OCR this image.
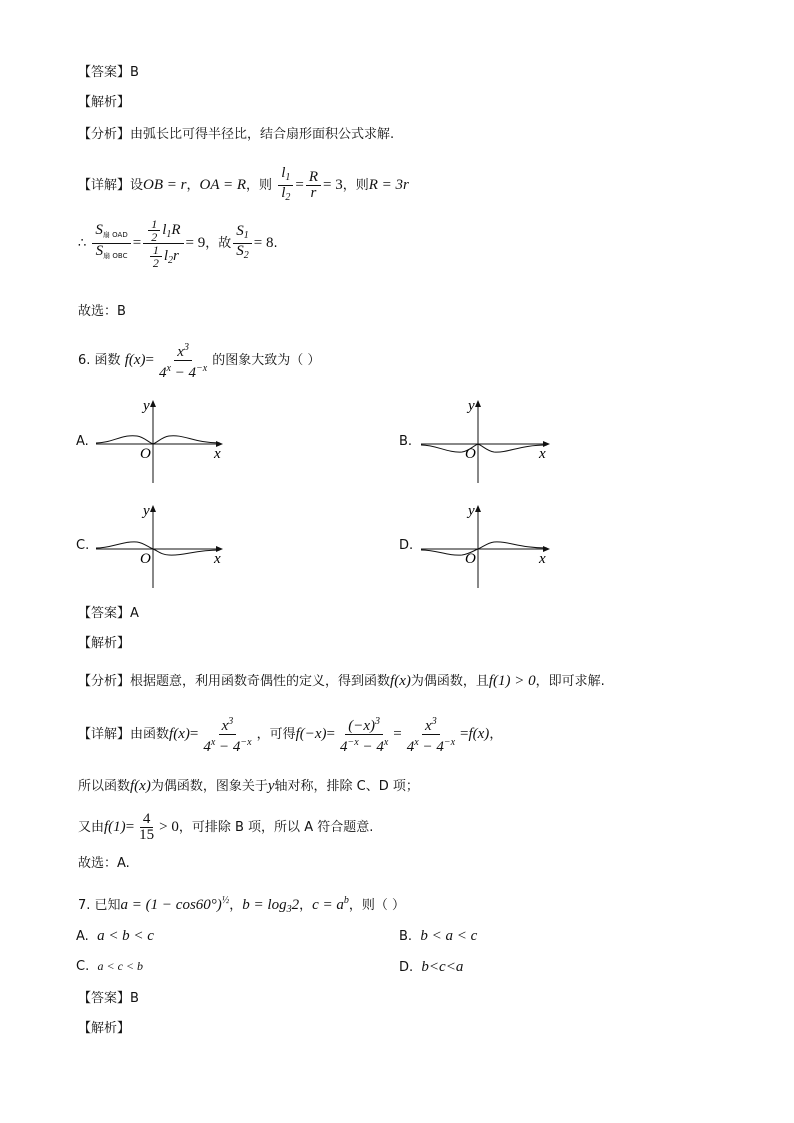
【答案】B
【解析】
【分析】由弧长比可得半径比，结合扇形面积公式求解.
【详解】设OB = r，OA = R，则 $\frac{l_1}{l_2} = \frac{R}{r} = 3$，则R = 3r
∴ $\frac{S_{扇 OAD}}{S_{扇 OBC}} = \frac{\frac{1}{2} l_1R}{\frac{1}{2} l_2r} = 9$，故 $\frac{S_1}{S_2} = 8$.
故选：B
6. 函数 $f(x)= \frac{x^3}{4^x - 4^{-x}}$ 的图象大致为（ ）
A.	B.
C.	D.
y
O	x
y
O	x
y
O	x
y
O	x
【答案】A
【解析】
【分析】根据题意，利用函数奇偶性的定义，得到函数f(x)为偶函数，且f(1) > 0，即可求解.
【详解】由函数$f(x)= \frac{x^3}{4^x - 4^{-x}}$ ，可得$f(-x)= \frac{(-x)^3}{4^{-x} - 4^x} = \frac{x^3}{4^x - 4^{-x}} =f(x)$，
所以函数f(x)为偶函数，图象关于y轴对称，排除 C、D 项；
又由$f(1)= \frac{4}{15} > 0$，可排除 B 项，所以 A 符合题意.
故选：A.
7. 已知$a = (1 - \cos 60^\circ)^{\frac{1}{2}}$，$b = \log_32$，$c = a^b$，则（ ）
A. a < b < c	B. b < a < c
C. a < c < b	D. b<c<a
【答案】B
【解析】
